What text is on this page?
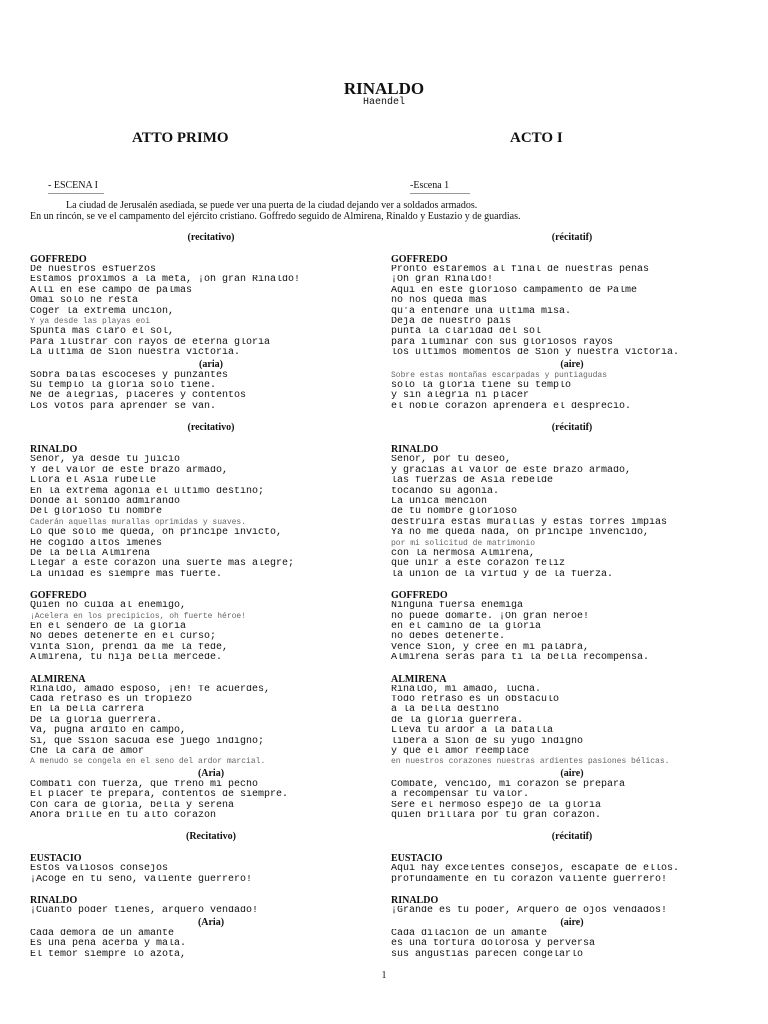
RINALDO
Haendel
ATTO PRIMO	ACTO I
- ESCENA I	-Escena 1
La ciudad de Jerusalén asediada, se puede ver una puerta de la ciudad dejando ver a soldados armados.
En un rincón, se ve el campamento del ejército cristiano. Goffredo seguido de Almirena, Rinaldo y Eustazio y de guardias.
(recitativo)
GOFFREDO
De nuestros esfuerzos
Estamos próximos a la meta, ¡oh gran Rinaldo!
Allí en ese campo de palmas
Omai solo ne resta
Coger la extrema unción,
Y ya desde las playas eoi
Spunta más claro el sol,
Para ilustrar con rayos de eterna gloria
La última de Sion nuestra victoria.
(aria)
Sobra balas escoceses y punzantes
Su templo la gloria solo tiene.
Né de alegrías, placeres y contentos
Los votos para aprender se van.
(recitativo)
RINALDO
Señor, ya desde tu juicio
Y del valor de este brazo armado,
Llora el Asia rubelle
En la extrema agonía el último destino;
Donde al sonido admirando
Del glorioso tu nombre
Caderán aquellas murallas oprimidas y suaves.
Lo que solo me queda, oh príncipe invicto,
He cogido altos imenes
De la bella Almirena
Llegar a este corazón una suerte más alegre;
La unidad es siempre más fuerte.
GOFFREDO
Quien no cuida al enemigo,
¡Acelera en los precipicios, oh fuerte héroe!
En el sendero de la gloria
No debes detenerte en el curso;
Vinta Sion, prendí da me la fede,
Almirena, tu hija bella mercede.
ALMIRENA
Rinaldo, amado esposo, ¡eh! Te acuerdes,
Cada retraso es un tropiezo
En la bella carrera
De la gloria guerrera.
Va, pugna ardito en campo,
Si, que Ssion sacuda ese juego indigno;
Che la cara de amor
A menudo se congela en el seno del ardor marcial.
(Aria)
Combatí con fuerza, que freno mi pecho
El placer te prepara, contentos de siempre.
Con cara de gloria, bella y serena
Ahora brille en tu alto corazón
(Recitativo)
EUSTACIO
Estos valiosos consejos
¡Acoge en tu seno, valiente guerrero!
RINALDO
¡Cuánto poder tienes, arquero vendado!
(Aria)
Cada demora de un amante
Es una pena acerba y mala.
El temor siempre lo azota,
(récitatif)
GOFFREDO
Pronto estaremos al final de nuestras penas
¡Oh gran Rinaldo!
Aquí en este glorioso campamento de Palme
no nos queda más
qu'à entendre una última misa.
Déjà de nuestro país
punta la claridad del sol
para iluminar con sus gloriosos rayos
los últimos momentos de Sion y nuestra victoria.
(aire)
Sobre estas montañas escarpadas y puntiagudas
solo la gloria tiene su templo
y sin alegría ni placer
el noble corazón aprenderá el desprecio.
(récitatif)
RINALDO
Señor, por tu deseo,
y gracias al valor de este brazo armado,
las fuerzas de Asia rebelde
tocando su agonía.
La única mención
de tu nombre glorioso
destruirá estas murallas y estas torres impías
Ya no me queda nada, oh príncipe invencido,
por mi solicitud de matrimonio
con la hermosa Almirena,
que unir a este corazón feliz
la unión de la virtud y de la fuerza.
GOFFREDO
Ninguna fuersa enemiga
no puede domarte. ¡Oh gran héroe!
en el camino de la gloria
no debes detenerte.
Vence Sion, y cree en mi palabra,
Almirena serás para ti la bella recompensa.
ALMIRENA
Rinaldo, mi amado, lucha.
Todo retraso es un obstáculo
a la bella destino
de la gloria guerrera.
Lleva tu ardor a la batalla
libera a Sion de su yugo indigno
y que el amor reemplace
en nuestros corazones nuestras ardientes pasiones bélicas.
(aire)
Combate, vencido, mi corazón se prepara
a recompensar tu valor.
Seré el hermoso espejo de la gloria
quien brillará por tu gran corazón.
(récitatif)
EUSTACIO
Aquí hay excelentes consejos, escápate de ellos.
profundamente en tu corazón valiente guerrero!
RINALDO
¡Grande es tu poder, Arquero de ojos vendados!
(aire)
Cada dilación de un amante
es una tortura dolorosa y perversa
sus angustias parecen congelarlo
1
